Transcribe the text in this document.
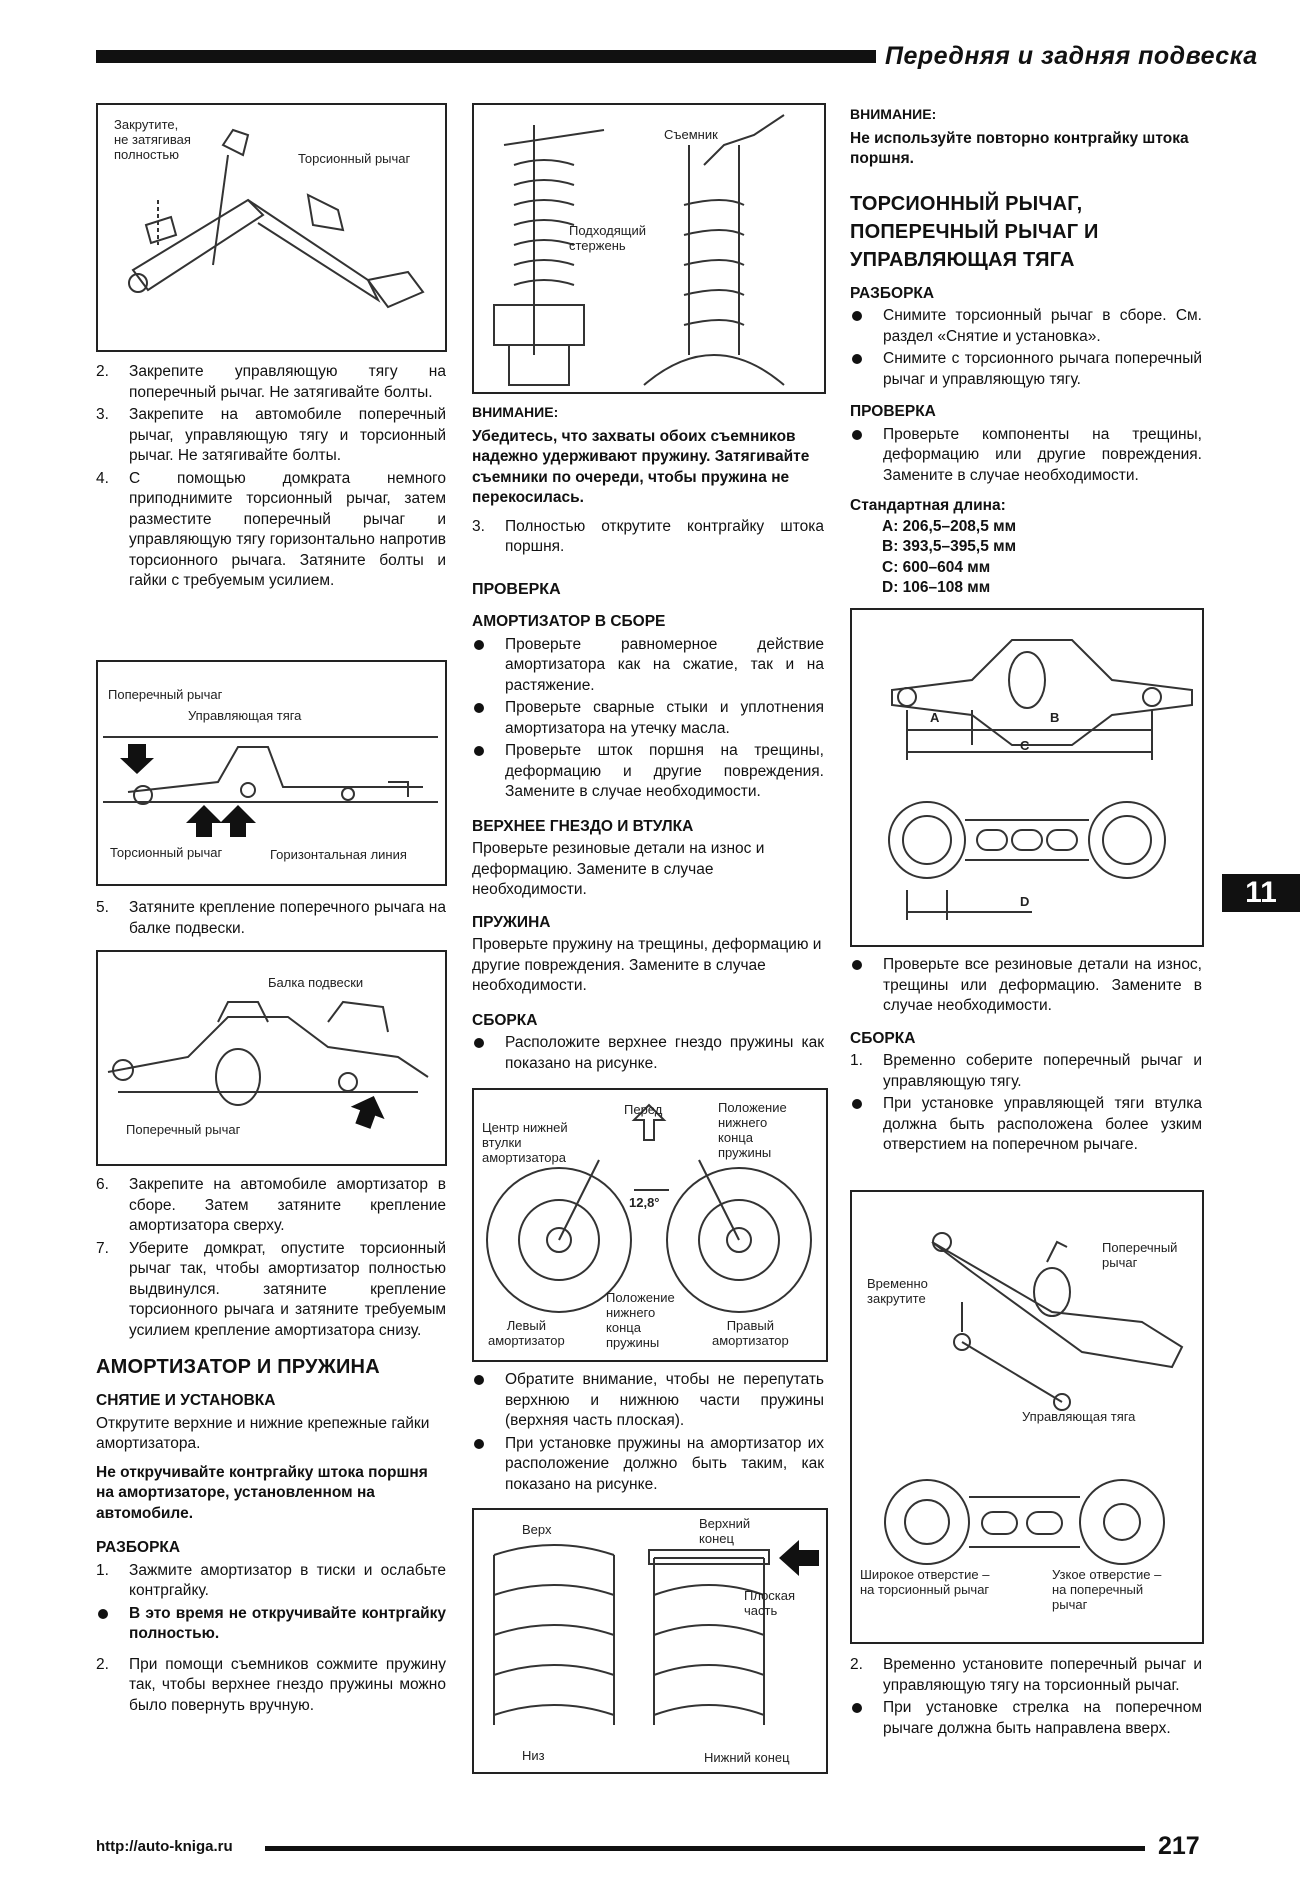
Передняя и задняя подвеска
Закрутите,
не затягивая
полностью	Торсионный рычаг
2. Закрепите управляющую тягу на поперечный рычаг. Не затягивайте болты.
3. Закрепите на автомобиле поперечный рычаг, управляющую тягу и торсионный рычаг. Не затягивайте болты.
4. С помощью домкрата немного приподнимите торсионный рычаг, затем разместите поперечный рычаг и управляющую тягу горизонтально напротив торсионного рычага. Затяните болты и гайки с требуемым усилием.
Поперечный рычаг
Управляющая тяга
Торсионный рычаг	Горизонтальная линия
5. Затяните крепление поперечного рычага на балке подвески.
Балка подвески
Поперечный рычаг
6. Закрепите на автомобиле амортизатор в сборе. Затем затяните крепление амортизатора сверху.
7. Уберите домкрат, опустите торсионный рычаг так, чтобы амортизатор полностью выдвинулся. затяните крепление торсионного рычага и затяните требуемым усилием крепление амортизатора снизу.
АМОРТИЗАТОР И ПРУЖИНА
СНЯТИЕ И УСТАНОВКА

Открутите верхние и нижние крепежные гайки амортизатора.

Не откручивайте контргайку штока поршня на амортизаторе, установленном на автомобиле.

РАЗБОРКА
1. Зажмите амортизатор в тиски и ослабьте контргайку.
В это время не откручивайте контргайку полностью.
2. При помощи съемников сожмите пружину так, чтобы верхнее гнездо пружины можно было повернуть вручную.
Съемник
Подходящий
стержень

ВНИМАНИЕ:

Убедитесь, что захваты обоих съемников надежно удерживают пружину. Затягивайте съемники по очереди, чтобы пружина не перекосилась.

3. Полностью открутите контргайку штока поршня.
ПРОВЕРКА
АМОРТИЗАТОР В СБОРЕ
Проверьте равномерное действие амортизатора как на сжатие, так и на растяжение.
Проверьте сварные стыки и уплотнения амортизатора на утечку масла.
Проверьте шток поршня на трещины, деформацию и другие повреждения. Замените в случае необходимости.
ВЕРХНЕЕ ГНЕЗДО И ВТУЛКА

Проверьте резиновые детали на износ и деформацию. Замените в случае необходимости.

ПРУЖИНА

Проверьте пружину на трещины, деформацию и другие повреждения. Замените в случае необходимости.

СБОРКА
Расположите верхнее гнездо пружины как показано на рисунке.
Центр нижней
втулки
амортизатора
Перед	Положение
нижнего
конца
пружины
12,8°
Положение
нижнего
конца
пружины
Левый
амортизатор
Правый
амортизатор
Обратите внимание, чтобы не перепутать верхнюю и нижнюю части пружины (верхняя часть плоская).
При установке пружины на амортизатор их расположение должно быть таким, как показано на рисунке.
Верх	Верхний
конец
Плоская
часть
Низ	Нижний конец

ВНИМАНИЕ:

Не используйте повторно контргайку штока поршня.

ТОРСИОННЫЙ РЫЧАГ, ПОПЕРЕЧНЫЙ РЫЧАГ И УПРАВЛЯЮЩАЯ ТЯГА
РАЗБОРКА
Снимите торсионный рычаг в сборе. См. раздел «Снятие и установка».
Снимите с торсионного рычага поперечный рычаг и управляющую тягу.
ПРОВЕРКА
Проверьте компоненты на трещины, деформацию или другие повреждения. Замените в случае необходимости.
Стандартная длина:
A: 206,5–208,5 мм
B: 393,5–395,5 мм
C: 600–604 мм
D: 106–108 мм
A	B
C
D
Проверьте все резиновые детали на износ, трещины или деформацию. Замените в случае необходимости.
СБОРКА
1. Временно соберите поперечный рычаг и управляющую тягу.
При установке управляющей тяги втулка должна быть расположена более узким отверстием на поперечном рычаге.
Поперечный
рычаг
Временно
закрутите
Управляющая тяга
Широкое отверстие –
на торсионный рычаг
Узкое отверстие –
на поперечный
рычаг
2. Временно установите поперечный рычаг и управляющую тягу на торсионный рычаг.
При установке стрелка на поперечном рычаге должна быть направлена вверх.
11
http://auto-kniga.ru	217
